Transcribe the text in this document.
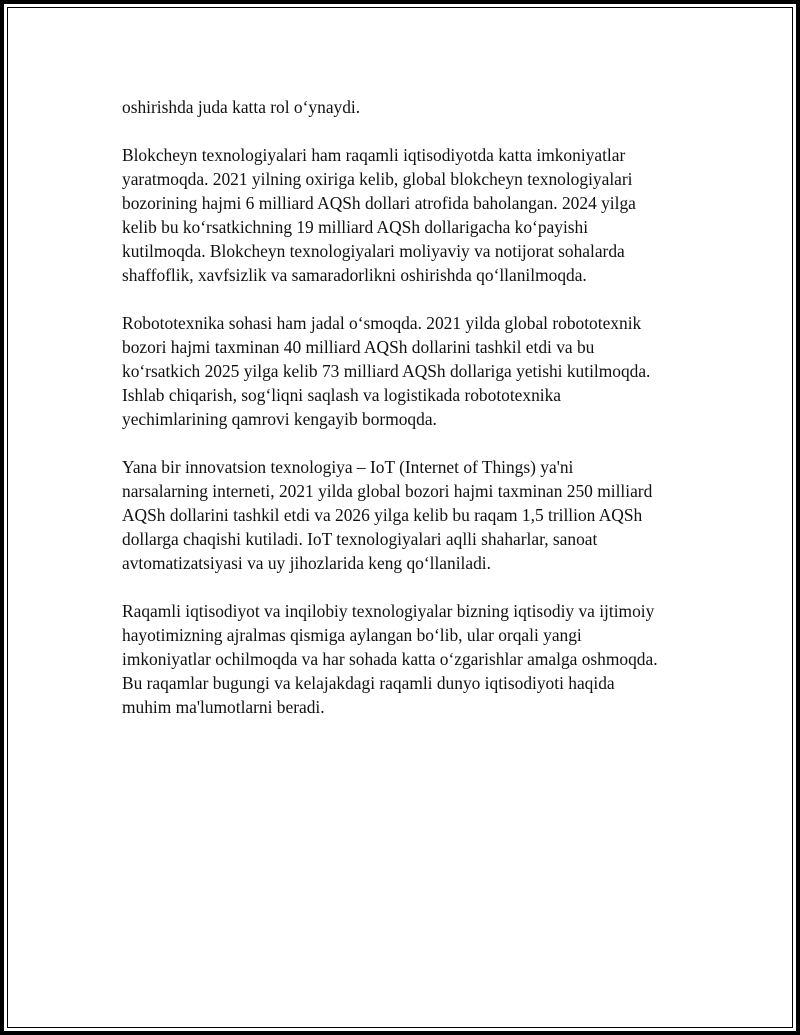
oshirishda juda katta rol o‘ynaydi.

Blokcheyn texnologiyalari ham raqamli iqtisodiyotda katta imkoniyatlar
yaratmoqda. 2021 yilning oxiriga kelib, global blokcheyn texnologiyalari
bozorining hajmi 6 milliard AQSh dollari atrofida baholangan. 2024 yilga
kelib bu ko‘rsatkichning 19 milliard AQSh dollarigacha ko‘payishi
kutilmoqda. Blokcheyn texnologiyalari moliyaviy va notijorat sohalarda
shaffoflik, xavfsizlik va samaradorlikni oshirishda qo‘llanilmoqda.

Robototexnika sohasi ham jadal o‘smoqda. 2021 yilda global robototexnik
bozori hajmi taxminan 40 milliard AQSh dollarini tashkil etdi va bu
ko‘rsatkich 2025 yilga kelib 73 milliard AQSh dollariga yetishi kutilmoqda.
Ishlab chiqarish, sog‘liqni saqlash va logistikada robototexnika
yechimlarining qamrovi kengayib bormoqda.

Yana bir innovatsion texnologiya – IoT (Internet of Things) ya'ni
narsalarning interneti, 2021 yilda global bozori hajmi taxminan 250 milliard
AQSh dollarini tashkil etdi va 2026 yilga kelib bu raqam 1,5 trillion AQSh
dollarga chaqishi kutiladi. IoT texnologiyalari aqlli shaharlar, sanoat
avtomatizatsiyasi va uy jihozlarida keng qo‘llaniladi.

Raqamli iqtisodiyot va inqilobiy texnologiyalar bizning iqtisodiy va ijtimoiy
hayotimizning ajralmas qismiga aylangan bo‘lib, ular orqali yangi
imkoniyatlar ochilmoqda va har sohada katta o‘zgarishlar amalga oshmoqda.
Bu raqamlar bugungi va kelajakdagi raqamli dunyo iqtisodiyoti haqida
muhim ma'lumotlarni beradi.
